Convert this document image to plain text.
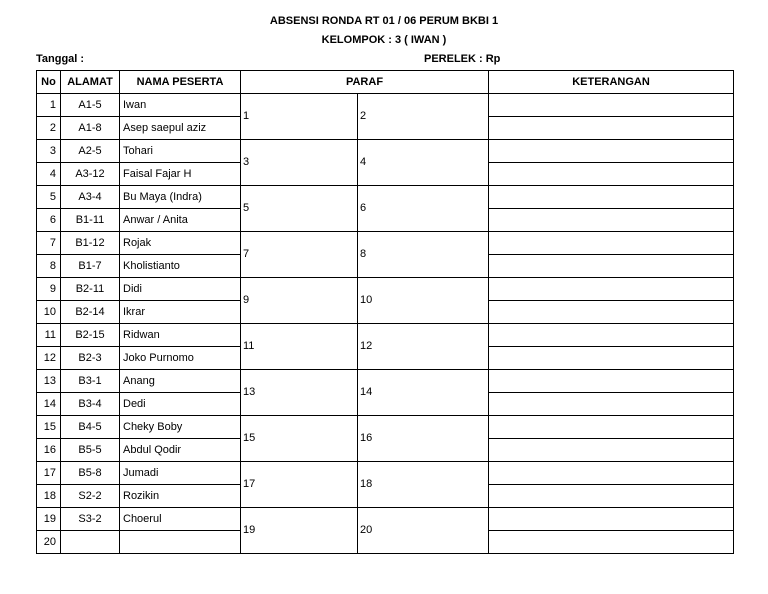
ABSENSI RONDA RT 01 / 06 PERUM BKBI 1
KELOMPOK : 3 ( IWAN )
Tanggal :	PERELEK : Rp
No	ALAMAT	NAMA PESERTA	PARAF		KETERANGAN
1	A1-5	Iwan	1	2	
2	A1-8	Asep saepul aziz			
3	A2-5	Tohari	3	4	
4	A3-12	Faisal Fajar H			
5	A3-4	Bu Maya (Indra)	5	6	
6	B1-11	Anwar / Anita			
7	B1-12	Rojak	7	8	
8	B1-7	Kholistianto			
9	B2-11	Didi	9	10	
10	B2-14	Ikrar			
11	B2-15	Ridwan	11	12	
12	B2-3	Joko Purnomo			
13	B3-1	Anang	13	14	
14	B3-4	Dedi			
15	B4-5	Cheky Boby	15	16	
16	B5-5	Abdul Qodir			
17	B5-8	Jumadi	17	18	
18	S2-2	Rozikin			
19	S3-2	Choerul	19	20	
20					
